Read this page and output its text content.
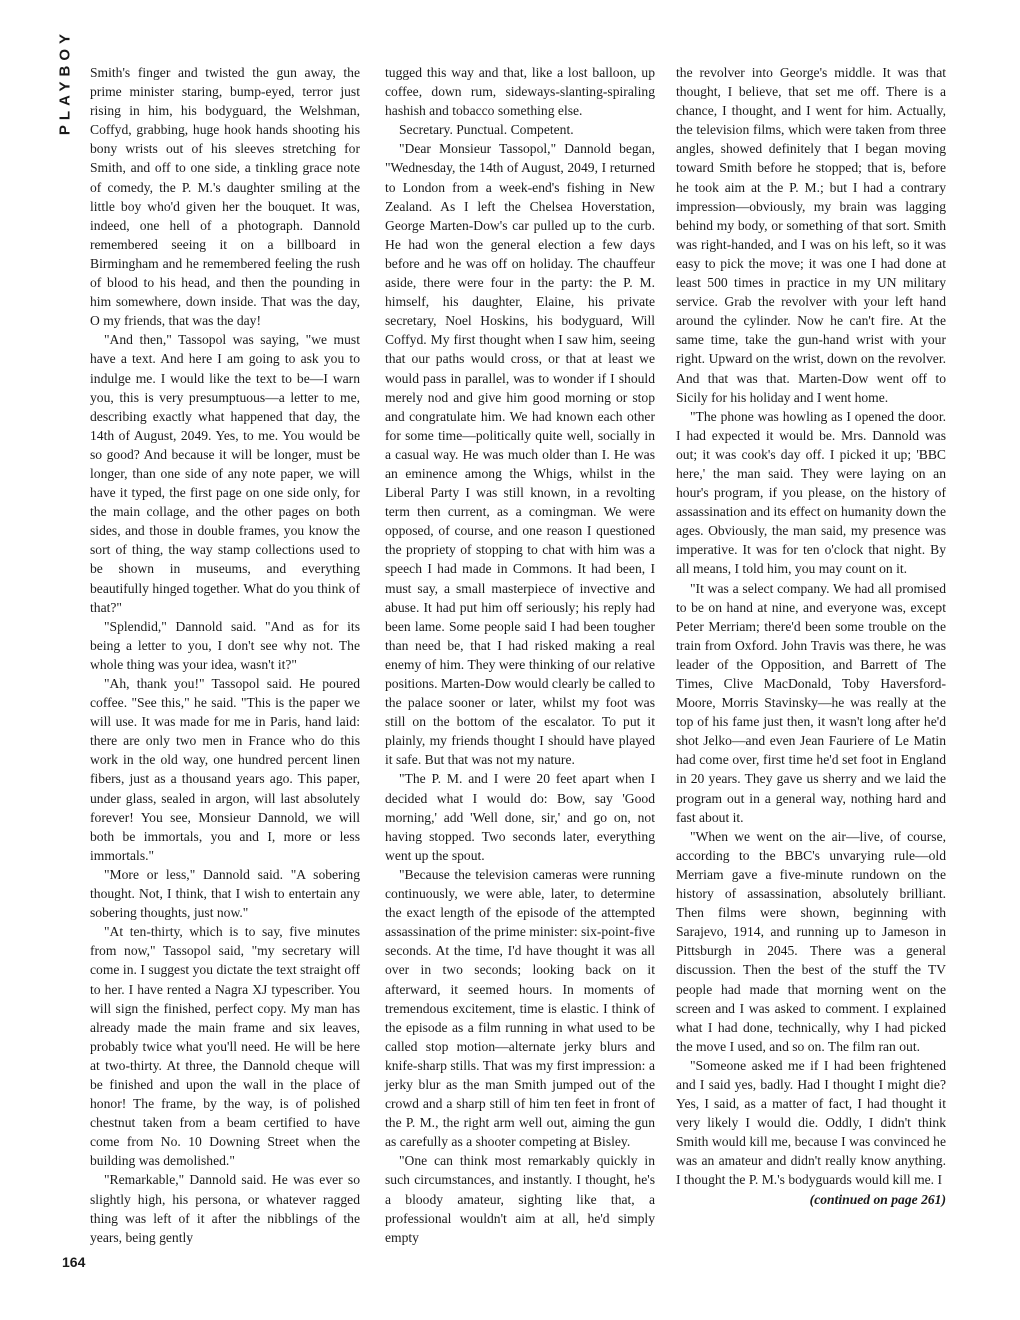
PLAYBOY Smith's finger and twisted the gun away, the prime minister staring, bump-eyed, terror just rising in him, his bodyguard, the Welshman, Coffyd, grabbing, huge hook hands shooting his bony wrists out of his sleeves stretching for Smith, and off to one side, a tinkling grace note of comedy, the P. M.'s daughter smiling at the little boy who'd given her the bouquet. It was, indeed, one hell of a photograph. Dannold remembered seeing it on a billboard in Birmingham and he remembered feeling the rush of blood to his head, and then the pounding in him somewhere, down inside. That was the day, O my friends, that was the day!

"And then," Tassopol was saying, "we must have a text. And here I am going to ask you to indulge me. I would like the text to be—I warn you, this is very presumptuous—a letter to me, describing exactly what happened that day, the 14th of August, 2049. Yes, to me. You would be so good? And because it will be longer, must be longer, than one side of any note paper, we will have it typed, the first page on one side only, for the main collage, and the other pages on both sides, and those in double frames, you know the sort of thing, the way stamp collections used to be shown in museums, and everything beautifully hinged together. What do you think of that?"

"Splendid," Dannold said. "And as for its being a letter to you, I don't see why not. The whole thing was your idea, wasn't it?"

"Ah, thank you!" Tassopol said. He poured coffee. "See this," he said. "This is the paper we will use. It was made for me in Paris, hand laid: there are only two men in France who do this work in the old way, one hundred percent linen fibers, just as a thousand years ago. This paper, under glass, sealed in argon, will last absolutely forever! You see, Monsieur Dannold, we will both be immortals, you and I, more or less immortals."

"More or less," Dannold said. "A sobering thought. Not, I think, that I wish to entertain any sobering thoughts, just now."

"At ten-thirty, which is to say, five minutes from now," Tassopol said, "my secretary will come in. I suggest you dictate the text straight off to her. I have rented a Nagra XJ typescriber. You will sign the finished, perfect copy. My man has already made the main frame and six leaves, probably twice what you'll need. He will be here at two-thirty. At three, the Dannold cheque will be finished and upon the wall in the place of honor! The frame, by the way, is of polished chestnut taken from a beam certified to have come from No. 10 Downing Street when the building was demolished."

"Remarkable," Dannold said. He was ever so slightly high, his persona, or whatever ragged thing was left of it after the nibblings of the years, being gently

tugged this way and that, like a lost balloon, up coffee, down rum, sideways-slanting-spiraling hashish and tobacco something else.

Secretary. Punctual. Competent.

"Dear Monsieur Tassopol," Dannold began, "Wednesday, the 14th of August, 2049, I returned to London from a week-end's fishing in New Zealand. As I left the Chelsea Hoverstation, George Marten-Dow's car pulled up to the curb. He had won the general election a few days before and he was off on holiday. The chauffeur aside, there were four in the party: the P. M. himself, his daughter, Elaine, his private secretary, Noel Hoskins, his bodyguard, Will Coffyd. My first thought when I saw him, seeing that our paths would cross, or that at least we would pass in parallel, was to wonder if I should merely nod and give him good morning or stop and congratulate him. We had known each other for some time—politically quite well, socially in a casual way. He was much older than I. He was an eminence among the Whigs, whilst in the Liberal Party I was still known, in a revolting term then current, as a comingman. We were opposed, of course, and one reason I questioned the propriety of stopping to chat with him was a speech I had made in Commons. It had been, I must say, a small masterpiece of invective and abuse. It had put him off seriously; his reply had been lame. Some people said I had been tougher than need be, that I had risked making a real enemy of him. They were thinking of our relative positions. Marten-Dow would clearly be called to the palace sooner or later, whilst my foot was still on the bottom of the escalator. To put it plainly, my friends thought I should have played it safe. But that was not my nature.

"The P. M. and I were 20 feet apart when I decided what I would do: Bow, say 'Good morning,' add 'Well done, sir,' and go on, not having stopped. Two seconds later, everything went up the spout.

"Because the television cameras were running continuously, we were able, later, to determine the exact length of the episode of the attempted assassination of the prime minister: six-point-five seconds. At the time, I'd have thought it was all over in two seconds; looking back on it afterward, it seemed hours. In moments of tremendous excitement, time is elastic. I think of the episode as a film running in what used to be called stop motion—alternate jerky blurs and knife-sharp stills. That was my first impression: a jerky blur as the man Smith jumped out of the crowd and a sharp still of him ten feet in front of the P. M., the right arm well out, aiming the gun as carefully as a shooter competing at Bisley.

"One can think most remarkably quickly in such circumstances, and instantly. I thought, he's a bloody amateur, sighting like that, a professional wouldn't aim at all, he'd simply empty

the revolver into George's middle. It was that thought, I believe, that set me off. There is a chance, I thought, and I went for him. Actually, the television films, which were taken from three angles, showed definitely that I began moving toward Smith before he stopped; that is, before he took aim at the P. M.; but I had a contrary impression—obviously, my brain was lagging behind my body, or something of that sort. Smith was right-handed, and I was on his left, so it was easy to pick the move; it was one I had done at least 500 times in practice in my UN military service. Grab the revolver with your left hand around the cylinder. Now he can't fire. At the same time, take the gun-hand wrist with your right. Upward on the wrist, down on the revolver. And that was that. Marten-Dow went off to Sicily for his holiday and I went home.

"The phone was howling as I opened the door. I had expected it would be. Mrs. Dannold was out; it was cook's day off. I picked it up; 'BBC here,' the man said. They were laying on an hour's program, if you please, on the history of assassination and its effect on humanity down the ages. Obviously, the man said, my presence was imperative. It was for ten o'clock that night. By all means, I told him, you may count on it.

"It was a select company. We had all promised to be on hand at nine, and everyone was, except Peter Merriam; there'd been some trouble on the train from Oxford. John Travis was there, he was leader of the Opposition, and Barrett of The Times, Clive MacDonald, Toby Haversford-Moore, Morris Stavinsky—he was really at the top of his fame just then, it wasn't long after he'd shot Jelko—and even Jean Fauriere of Le Matin had come over, first time he'd set foot in England in 20 years. They gave us sherry and we laid the program out in a general way, nothing hard and fast about it.

"When we went on the air—live, of course, according to the BBC's unvarying rule—old Merriam gave a five-minute rundown on the history of assassination, absolutely brilliant. Then films were shown, beginning with Sarajevo, 1914, and running up to Jameson in Pittsburgh in 2045. There was a general discussion. Then the best of the stuff the TV people had made that morning went on the screen and I was asked to comment. I explained what I had done, technically, why I had picked the move I used, and so on. The film ran out.

"Someone asked me if I had been frightened and I said yes, badly. Had I thought I might die? Yes, I said, as a matter of fact, I had thought it very likely I would die. Oddly, I didn't think Smith would kill me, because I was convinced he was an amateur and didn't really know anything. I thought the P. M.'s bodyguards would kill me. I

(continued on page 261)

164
